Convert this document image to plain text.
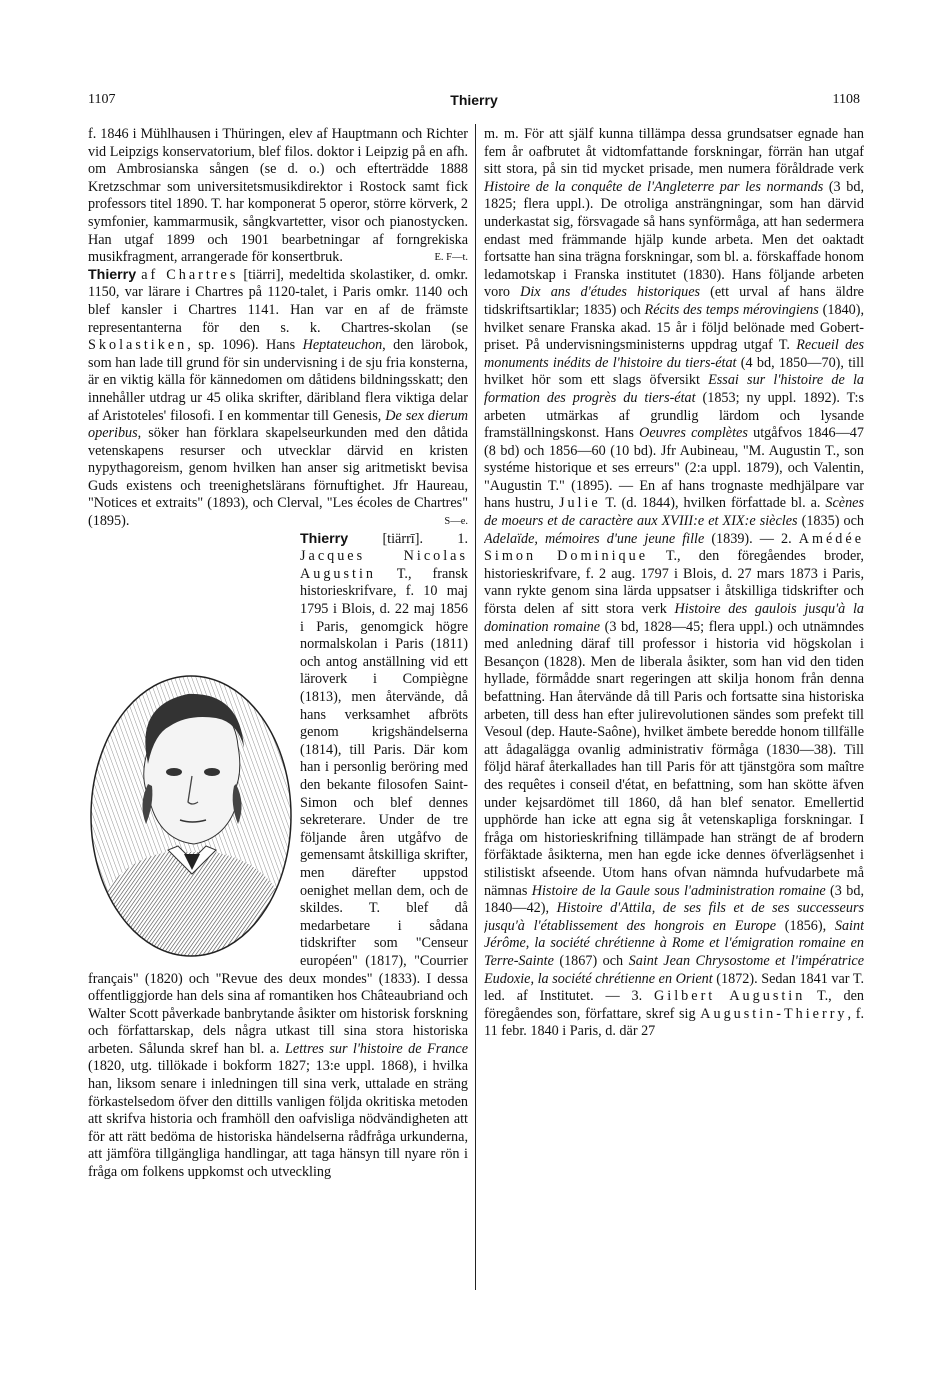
1107	Thierry	1108

f. 1846 i Mühlhausen i Thüringen, elev af Hauptmann och Richter vid Leipzigs konservatorium, blef filos. doktor i Leipzig på en afh. om Ambrosianska sången (se d. o.) och efterträdde 1888 Kretzschmar som universitetsmusikdirektor i Rostock samt fick professors titel 1890. T. har komponerat 5 operor, större körverk, 2 symfonier, kammarmusik, sångkvartetter, visor och pianostycken. Han utgaf 1899 och 1901 bearbetningar af forngrekiska musikfragment, arrangerade för konsertbruk.	E. F—t.

Thierry af Chartres [tiärri], medeltida skolastiker, d. omkr. 1150, var lärare i Chartres på 1120-talet, i Paris omkr. 1140 och blef kansler i Chartres 1141. Han var en af de främste representanterna för den s. k. Chartres-skolan (se Skolastiken, sp. 1096). Hans Heptateuchon, den lärobok, som han lade till grund för sin undervisning i de sju fria konsterna, är en viktig källa för kännedomen om dåtidens bildningsskatt; den innehåller utdrag ur 45 olika skrifter, däribland flera viktiga delar af Aristoteles' filosofi. I en kommentar till Genesis, De sex dierum operibus, söker han förklara skapelseurkunden med den dåtida vetenskapens resurser och utvecklar därvid en kristen nypythagoreism, genom hvilken han anser sig aritmetiskt bevisa Guds existens och treenighetslärans förnuftighet. Jfr Haureau, "Notices et extraits" (1893), och Clerval, "Les écoles de Chartres" (1895).	S—e.

Thierry [tiärrī]. 1. Jacques Nicolas Augustin T., fransk historieskrifvare, f. 10 maj 1795 i Blois, d. 22 maj 1856 i Paris, genomgick högre normalskolan i Paris (1811) och antog anställning vid ett läroverk i Compiègne (1813), men återvände, då hans verksamhet afbröts genom krigshändelserna (1814), till Paris. Där kom han i personlig beröring med den bekante filosofen Saint-Simon och blef dennes sekreterare. Under de tre följande åren utgåfvo de gemensamt åtskilliga skrifter, men därefter uppstod oenighet mellan dem, och de skildes. T. blef då medarbetare i sådana tidskrifter som "Censeur européen" (1817), "Courrier français" (1820) och "Revue des deux mondes" (1833). I dessa offentliggjorde han dels sina af romantiken hos Châteaubriand och Walter Scott påverkade banbrytande åsikter om historisk forskning och författarskap, dels några utkast till sina stora historiska arbeten. Sålunda skref han bl. a. Lettres sur l'histoire de France (1820, utg. tillökade i bokform 1827; 13:e uppl. 1868), i hvilka han, liksom senare i inledningen till sina verk, uttalade en sträng förkastelsedom öfver den dittills vanligen följda okritiska metoden att skrifva historia och framhöll den oafvisliga nödvändigheten att för att rätt bedöma de historiska händelserna rådfråga urkunderna, att jämföra tillgängliga handlingar, att taga hänsyn till nyare rön i fråga om folkens uppkomst och utveckling

m. m. För att själf kunna tillämpa dessa grundsatser egnade han fem år oafbrutet åt vidtomfattande forskningar, förrän han utgaf sitt stora, på sin tid mycket prisade, men numera föråldrade verk Histoire de la conquête de l'Angleterre par les normands (3 bd, 1825; flera uppl.). De otroliga ansträngningar, som han därvid underkastat sig, försvagade så hans synförmåga, att han sedermera endast med främmande hjälp kunde arbeta. Men det oaktadt fortsatte han sina trägna forskningar, som bl. a. förskaffade honom ledamotskap i Franska institutet (1830). Hans följande arbeten voro Dix ans d'études historiques (ett urval af hans äldre tidskriftsartiklar; 1835) och Récits des temps mérovingiens (1840), hvilket senare Franska akad. 15 år i följd belönade med Gobert-priset. På undervisningsministerns uppdrag utgaf T. Recueil des monuments inédits de l'histoire du tiers-état (4 bd, 1850—70), till hvilket hör som ett slags öfversikt Essai sur l'histoire de la formation des progrès du tiers-état (1853; ny uppl. 1892). T:s arbeten utmärkas af grundlig lärdom och lysande framställningskonst. Hans Oeuvres complètes utgåfvos 1846—47 (8 bd) och 1856—60 (10 bd). Jfr Aubineau, "M. Augustin T., son systéme historique et ses erreurs" (2:a uppl. 1879), och Valentin, "Augustin T." (1895). — En af hans trognaste medhjälpare var hans hustru, Julie T. (d. 1844), hvilken författade bl. a. Scènes de moeurs et de caractère aux XVIII:e et XIX:e siècles (1835) och Adelaïde, mémoires d'une jeune fille (1839). — 2. Amédée Simon Dominique T., den föregåendes broder, historieskrifvare, f. 2 aug. 1797 i Blois, d. 27 mars 1873 i Paris, vann rykte genom sina lärda uppsatser i åtskilliga tidskrifter och första delen af sitt stora verk Histoire des gaulois jusqu'à la domination romaine (3 bd, 1828—45; flera uppl.) och utnämndes med anledning däraf till professor i historia vid högskolan i Besançon (1828). Men de liberala åsikter, som han vid den tiden hyllade, förmådde snart regeringen att skilja honom från denna befattning. Han återvände då till Paris och fortsatte sina historiska arbeten, till dess han efter julirevolutionen sändes som prefekt till Vesoul (dep. Haute-Saône), hvilket ämbete beredde honom tillfälle att ådagalägga ovanlig administrativ förmåga (1830—38). Till följd häraf återkallades han till Paris för att tjänstgöra som maître des requêtes i conseil d'état, en befattning, som han skötte äfven under kejsardömet till 1860, då han blef senator. Emellertid upphörde han icke att egna sig åt vetenskapliga forskningar. I fråga om historieskrifning tillämpade han strängt de af brodern förfäktade åsikterna, men han egde icke dennes öfverlägsenhet i stilistiskt afseende. Utom hans ofvan nämnda hufvudarbete må nämnas Histoire de la Gaule sous l'administration romaine (3 bd, 1840—42), Histoire d'Attila, de ses fils et de ses successeurs jusqu'à l'établissement des hongrois en Europe (1856), Saint Jérôme, la société chrétienne à Rome et l'émigration romaine en Terre-Sainte (1867) och Saint Jean Chrysostome et l'impératrice Eudoxie, la société chrétienne en Orient (1872). Sedan 1841 var T. led. af Institutet. — 3. Gilbert Augustin T., den föregåendes son, författare, skref sig Augustin-Thierry, f. 11 febr. 1840 i Paris, d. där 27
